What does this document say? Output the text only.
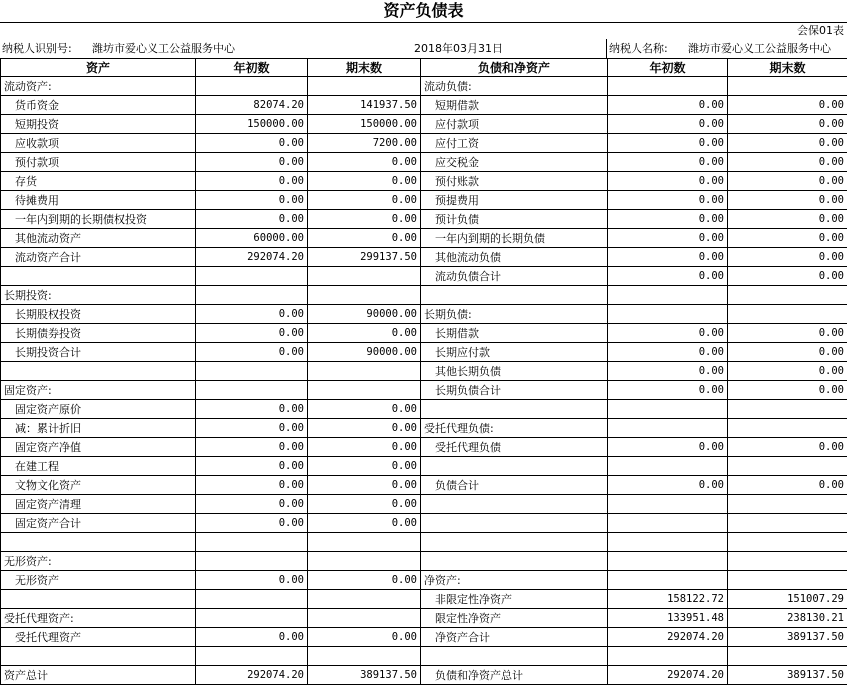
资产负债表
会保01表
纳税人识别号: 潍坊市爱心义工公益服务中心	2018年03月31日	纳税人名称: 潍坊市爱心义工公益服务中心
资产	年初数	期末数	负债和净资产	年初数	期末数
流动资产:			流动负债:		
货币资金	82074.20	141937.50	短期借款	0.00	0.00
短期投资	150000.00	150000.00	应付款项	0.00	0.00
应收款项	0.00	7200.00	应付工资	0.00	0.00
预付款项	0.00	0.00	应交税金	0.00	0.00
存货	0.00	0.00	预付账款	0.00	0.00
待摊费用	0.00	0.00	预提费用	0.00	0.00
一年内到期的长期债权投资	0.00	0.00	预计负债	0.00	0.00
其他流动资产	60000.00	0.00	一年内到期的长期负债	0.00	0.00
流动资产合计	292074.20	299137.50	其他流动负债	0.00	0.00
			流动负债合计	0.00	0.00
长期投资:					
长期股权投资	0.00	90000.00	长期负债:		
长期债券投资	0.00	0.00	长期借款	0.00	0.00
长期投资合计	0.00	90000.00	长期应付款	0.00	0.00
			其他长期负债	0.00	0.00
固定资产:			长期负债合计	0.00	0.00
固定资产原价	0.00	0.00			
减：累计折旧	0.00	0.00	受托代理负债:		
固定资产净值	0.00	0.00	受托代理负债	0.00	0.00
在建工程	0.00	0.00			
文物文化资产	0.00	0.00	负债合计	0.00	0.00
固定资产清理	0.00	0.00			
固定资产合计	0.00	0.00			

无形资产:					
无形资产	0.00	0.00	净资产:		
			非限定性净资产	158122.72	151007.29
受托代理资产:			限定性净资产	133951.48	238130.21
受托代理资产	0.00	0.00	净资产合计	292074.20	389137.50

资产总计	292074.20	389137.50	负债和净资产总计	292074.20	389137.50
